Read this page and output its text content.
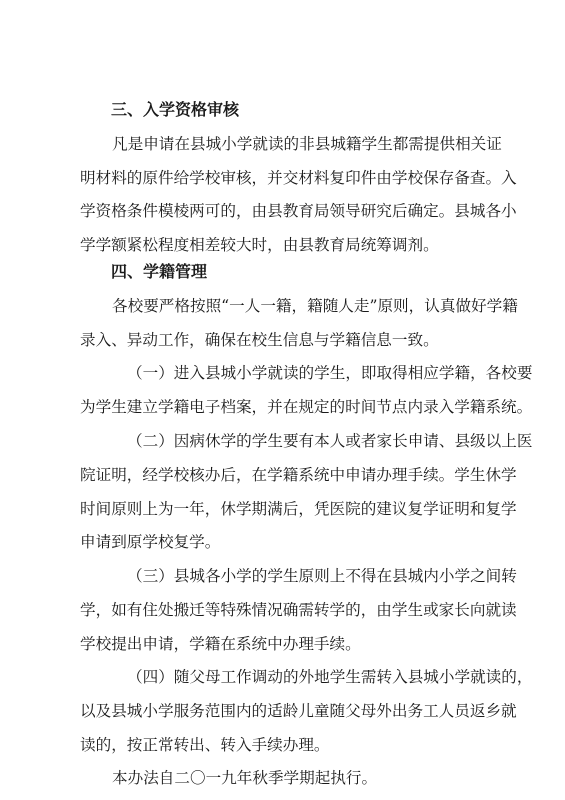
三、入学资格审核
凡是申请在县城小学就读的非县城籍学生都需提供相关证
明材料的原件给学校审核，并交材料复印件由学校保存备查。入
学资格条件模棱两可的，由县教育局领导研究后确定。县城各小
学学额紧松程度相差较大时，由县教育局统筹调剂。
四、学籍管理
各校要严格按照“一人一籍，籍随人走”原则，认真做好学籍
录入、异动工作，确保在校生信息与学籍信息一致。
（一）进入县城小学就读的学生，即取得相应学籍，各校要
为学生建立学籍电子档案，并在规定的时间节点内录入学籍系统。
（二）因病休学的学生要有本人或者家长申请、县级以上医
院证明，经学校核办后，在学籍系统中申请办理手续。学生休学
时间原则上为一年，休学期满后，凭医院的建议复学证明和复学
申请到原学校复学。
（三）县城各小学的学生原则上不得在县城内小学之间转
学，如有住处搬迁等特殊情况确需转学的，由学生或家长向就读
学校提出申请，学籍在系统中办理手续。
（四）随父母工作调动的外地学生需转入县城小学就读的，
以及县城小学服务范围内的适龄儿童随父母外出务工人员返乡就
读的，按正常转出、转入手续办理。
本办法自二〇一九年秋季学期起执行。
